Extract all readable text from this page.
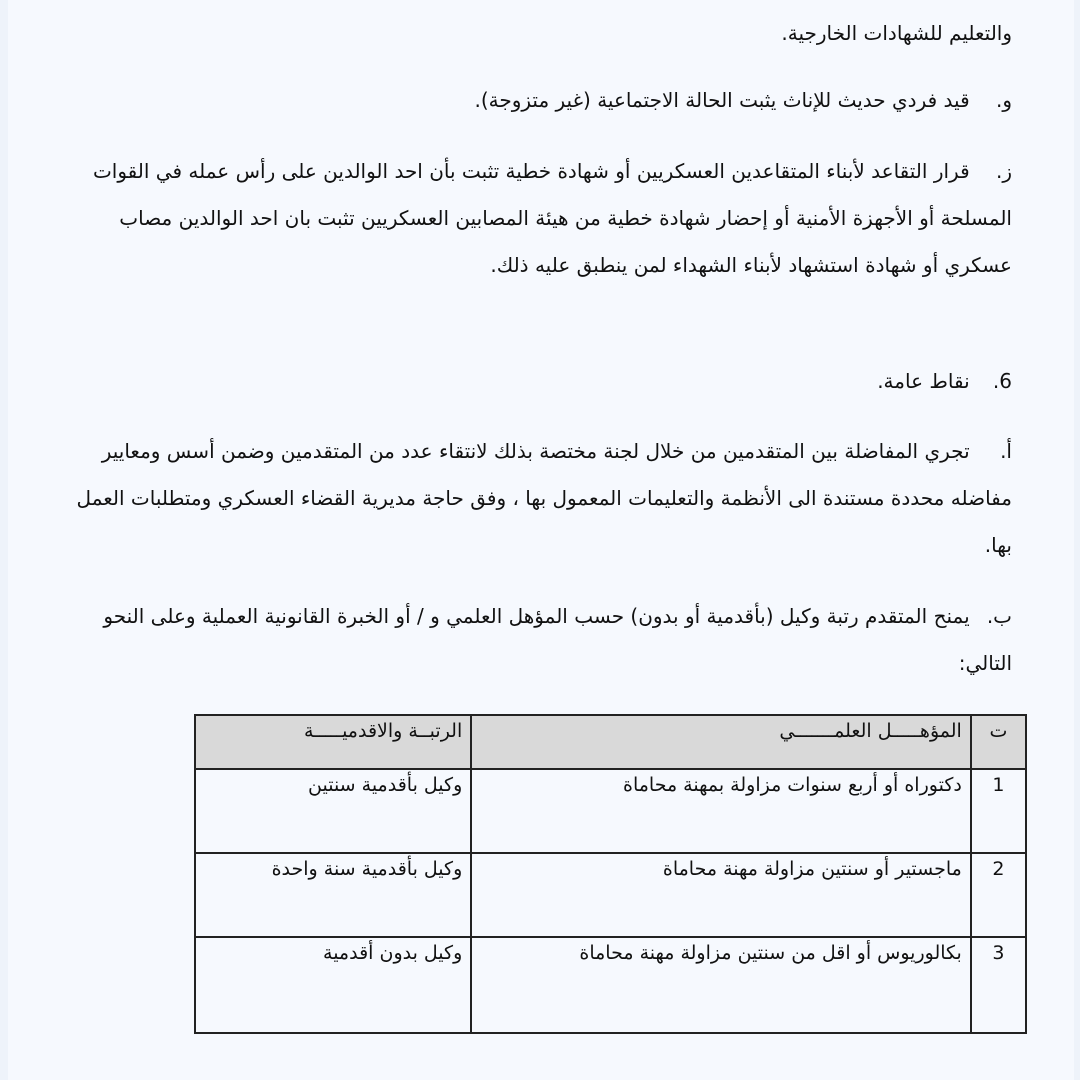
والتعليم للشهادات الخارجية.

و. قيد فردي حديث للإناث يثبت الحالة الاجتماعية (غير متزوجة).

ز. قرار التقاعد لأبناء المتقاعدين العسكريين أو شهادة خطية تثبت بأن احد الوالدين على رأس عمله في القوات المسلحة أو الأجهزة الأمنية أو إحضار شهادة خطية من هيئة المصابين العسكريين تثبت بان احد الوالدين مصاب عسكري أو شهادة استشهاد لأبناء الشهداء لمن ينطبق عليه ذلك.

6. نقاط عامة.

أ. تجري المفاضلة بين المتقدمين من خلال لجنة مختصة بذلك لانتقاء عدد من المتقدمين وضمن أسس ومعايير مفاضله محددة مستندة الى الأنظمة والتعليمات المعمول بها ، وفق حاجة مديرية القضاء العسكري ومتطلبات العمل بها.

ب. يمنح المتقدم رتبة وكيل (بأقدمية أو بدون) حسب المؤهل العلمي و / أو الخبرة القانونية العملية وعلى النحو التالي:

ت	المؤهـــــل العلمـــــــي	الرتبــة والاقدميـــــة
1	دكتوراه أو أربع سنوات مزاولة بمهنة محاماة	وكيل بأقدمية سنتين
2	ماجستير أو سنتين مزاولة مهنة محاماة	وكيل بأقدمية سنة واحدة
3	بكالوريوس أو اقل من سنتين مزاولة مهنة محاماة	وكيل بدون أقدمية
